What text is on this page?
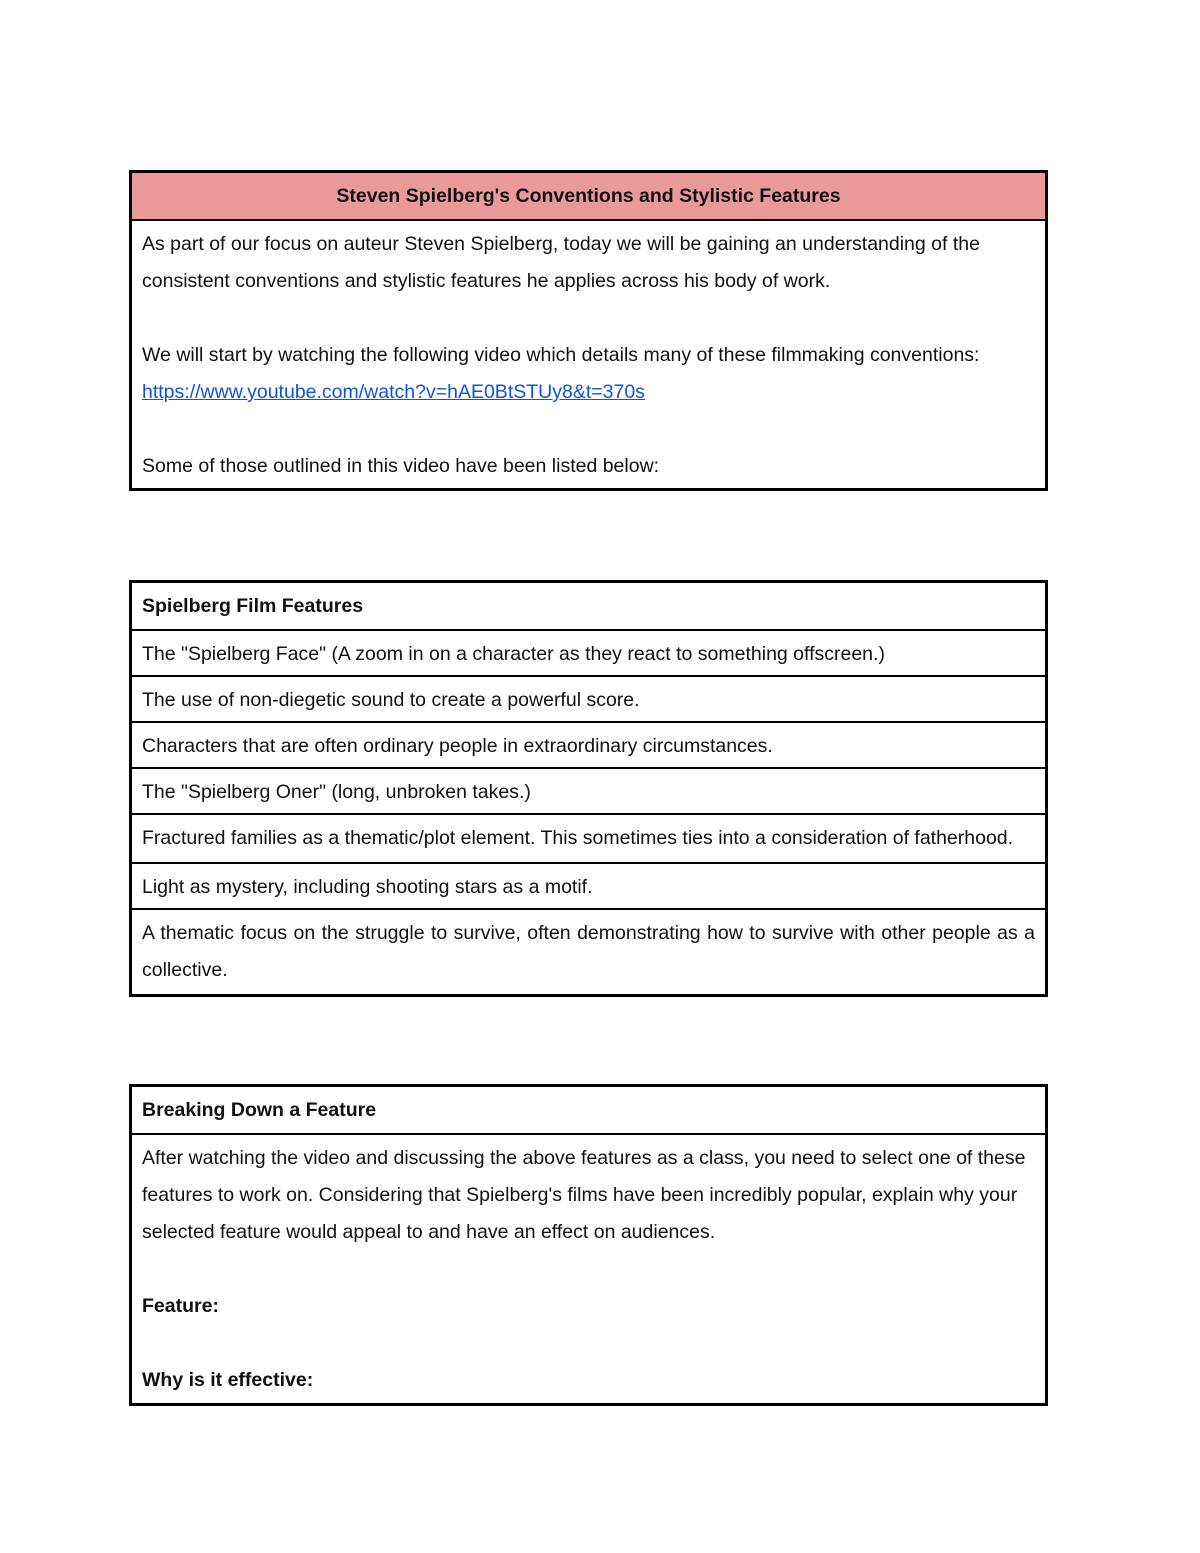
Steven Spielberg's Conventions and Stylistic Features
As part of our focus on auteur Steven Spielberg, today we will be gaining an understanding of the consistent conventions and stylistic features he applies across his body of work.
We will start by watching the following video which details many of these filmmaking conventions:
https://www.youtube.com/watch?v=hAE0BtSTUy8&t=370s
Some of those outlined in this video have been listed below:
Spielberg Film Features
The "Spielberg Face" (A zoom in on a character as they react to something offscreen.)
The use of non-diegetic sound to create a powerful score.
Characters that are often ordinary people in extraordinary circumstances.
The "Spielberg Oner" (long, unbroken takes.)
Fractured families as a thematic/plot element. This sometimes ties into a consideration of fatherhood.
Light as mystery, including shooting stars as a motif.
A thematic focus on the struggle to survive, often demonstrating how to survive with other people as a collective.
Breaking Down a Feature
After watching the video and discussing the above features as a class, you need to select one of these features to work on. Considering that Spielberg's films have been incredibly popular, explain why your selected feature would appeal to and have an effect on audiences.
Feature:
Why is it effective:
